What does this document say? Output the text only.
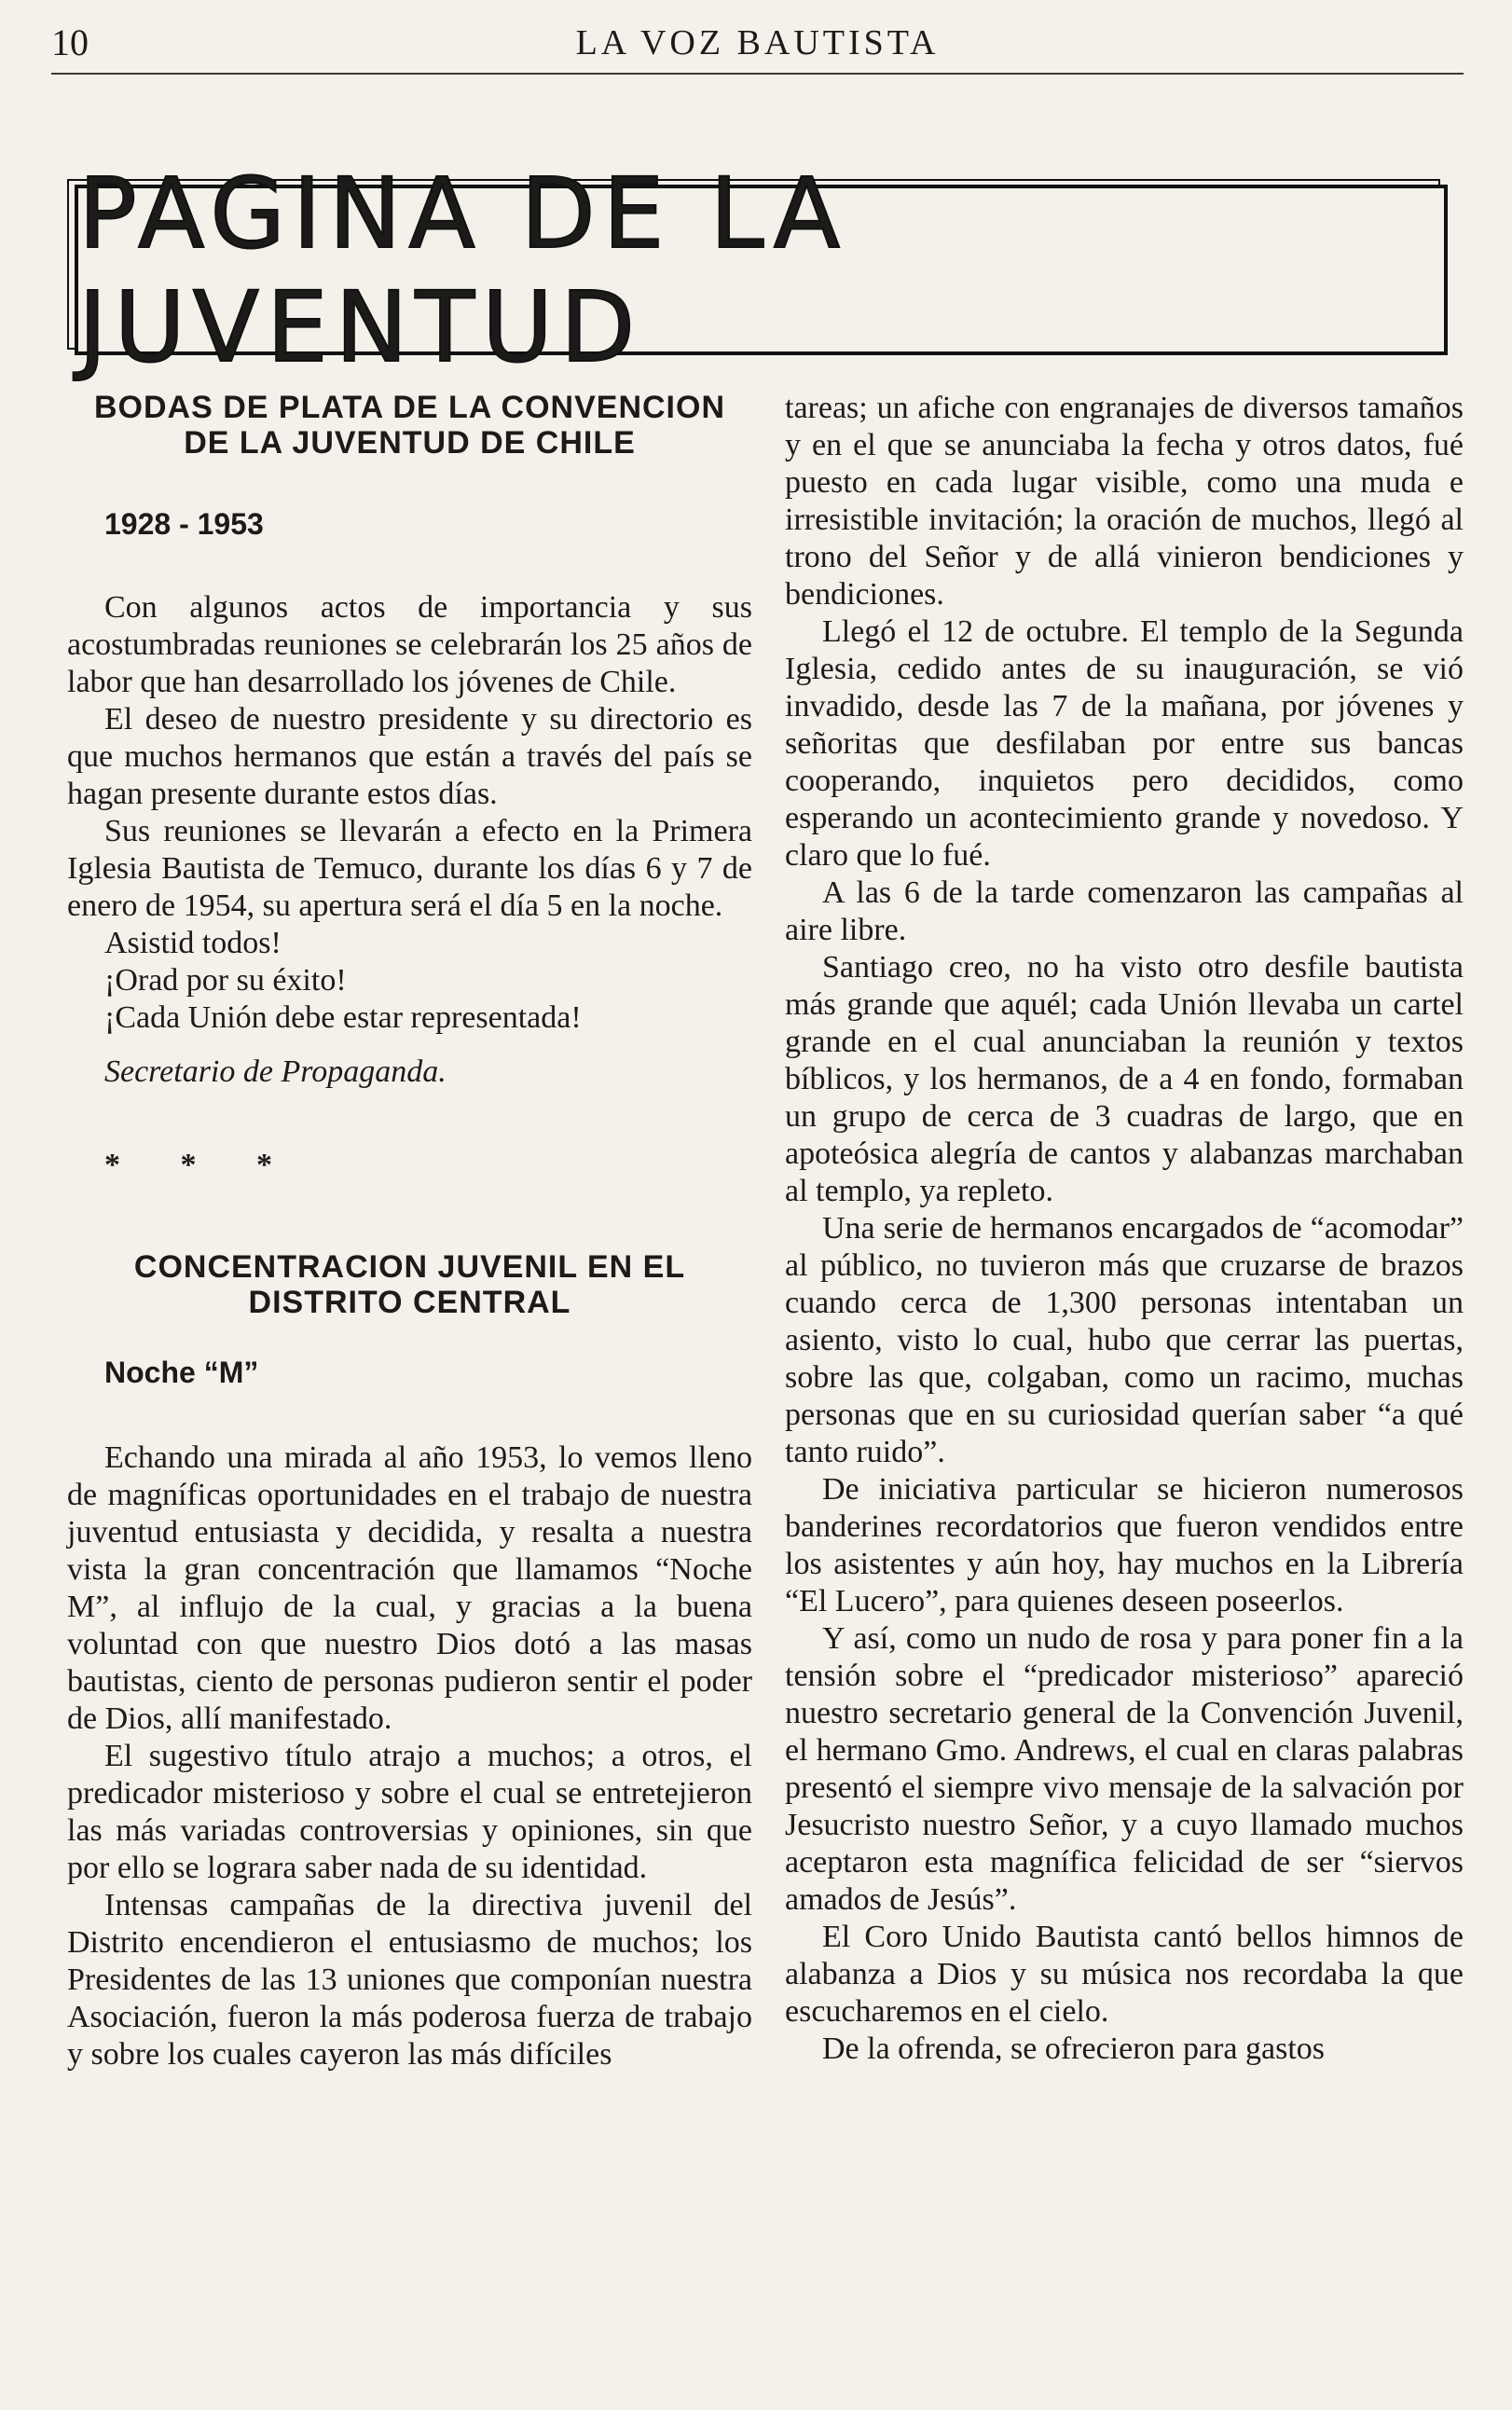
10	LA VOZ BAUTISTA
PAGINA DE LA JUVENTUD
BODAS DE PLATA DE LA CONVENCION DE LA JUVENTUD DE CHILE

1928 - 1953

Con algunos actos de importancia y sus acostumbradas reuniones se celebrarán los 25 años de labor que han desarrollado los jóvenes de Chile.

El deseo de nuestro presidente y su directorio es que muchos hermanos que están a través del país se hagan presente durante estos días.

Sus reuniones se llevarán a efecto en la Primera Iglesia Bautista de Temuco, durante los días 6 y 7 de enero de 1954, su apertura será el día 5 en la noche.

Asistid todos!

¡Orad por su éxito!

¡Cada Unión debe estar representada!

Secretario de Propaganda.

* * *

CONCENTRACION JUVENIL EN EL DISTRITO CENTRAL

Noche “M”

Echando una mirada al año 1953, lo vemos lleno de magníficas oportunidades en el trabajo de nuestra juventud entusiasta y decidida, y resalta a nuestra vista la gran concentración que llamamos “Noche M”, al influjo de la cual, y gracias a la buena voluntad con que nuestro Dios dotó a las masas bautistas, ciento de personas pudieron sentir el poder de Dios, allí manifestado.

El sugestivo título atrajo a muchos; a otros, el predicador misterioso y sobre el cual se entretejieron las más variadas controversias y opiniones, sin que por ello se lograra saber nada de su identidad.

Intensas campañas de la directiva juvenil del Distrito encendieron el entusiasmo de muchos; los Presidentes de las 13 uniones que componían nuestra Asociación, fueron la más poderosa fuerza de trabajo y sobre los cuales cayeron las más difíciles

tareas; un afiche con engranajes de diversos tamaños y en el que se anunciaba la fecha y otros datos, fué puesto en cada lugar visible, como una muda e irresistible invitación; la oración de muchos, llegó al trono del Señor y de allá vinieron bendiciones y bendiciones.

Llegó el 12 de octubre. El templo de la Segunda Iglesia, cedido antes de su inauguración, se vió invadido, desde las 7 de la mañana, por jóvenes y señoritas que desfilaban por entre sus bancas cooperando, inquietos pero decididos, como esperando un acontecimiento grande y novedoso. Y claro que lo fué.

A las 6 de la tarde comenzaron las campañas al aire libre.

Santiago creo, no ha visto otro desfile bautista más grande que aquél; cada Unión llevaba un cartel grande en el cual anunciaban la reunión y textos bíblicos, y los hermanos, de a 4 en fondo, formaban un grupo de cerca de 3 cuadras de largo, que en apoteósica alegría de cantos y alabanzas marchaban al templo, ya repleto.

Una serie de hermanos encargados de “acomodar” al público, no tuvieron más que cruzarse de brazos cuando cerca de 1,300 personas intentaban un asiento, visto lo cual, hubo que cerrar las puertas, sobre las que, colgaban, como un racimo, muchas personas que en su curiosidad querían saber “a qué tanto ruido”.

De iniciativa particular se hicieron numerosos banderines recordatorios que fueron vendidos entre los asistentes y aún hoy, hay muchos en la Librería “El Lucero”, para quienes deseen poseerlos.

Y así, como un nudo de rosa y para poner fin a la tensión sobre el “predicador misterioso” apareció nuestro secretario general de la Convención Juvenil, el hermano Gmo. Andrews, el cual en claras palabras presentó el siempre vivo mensaje de la salvación por Jesucristo nuestro Señor, y a cuyo llamado muchos aceptaron esta magnífica felicidad de ser “siervos amados de Jesús”.

El Coro Unido Bautista cantó bellos himnos de alabanza a Dios y su música nos recordaba la que escucharemos en el cielo.

De la ofrenda, se ofrecieron para gastos
